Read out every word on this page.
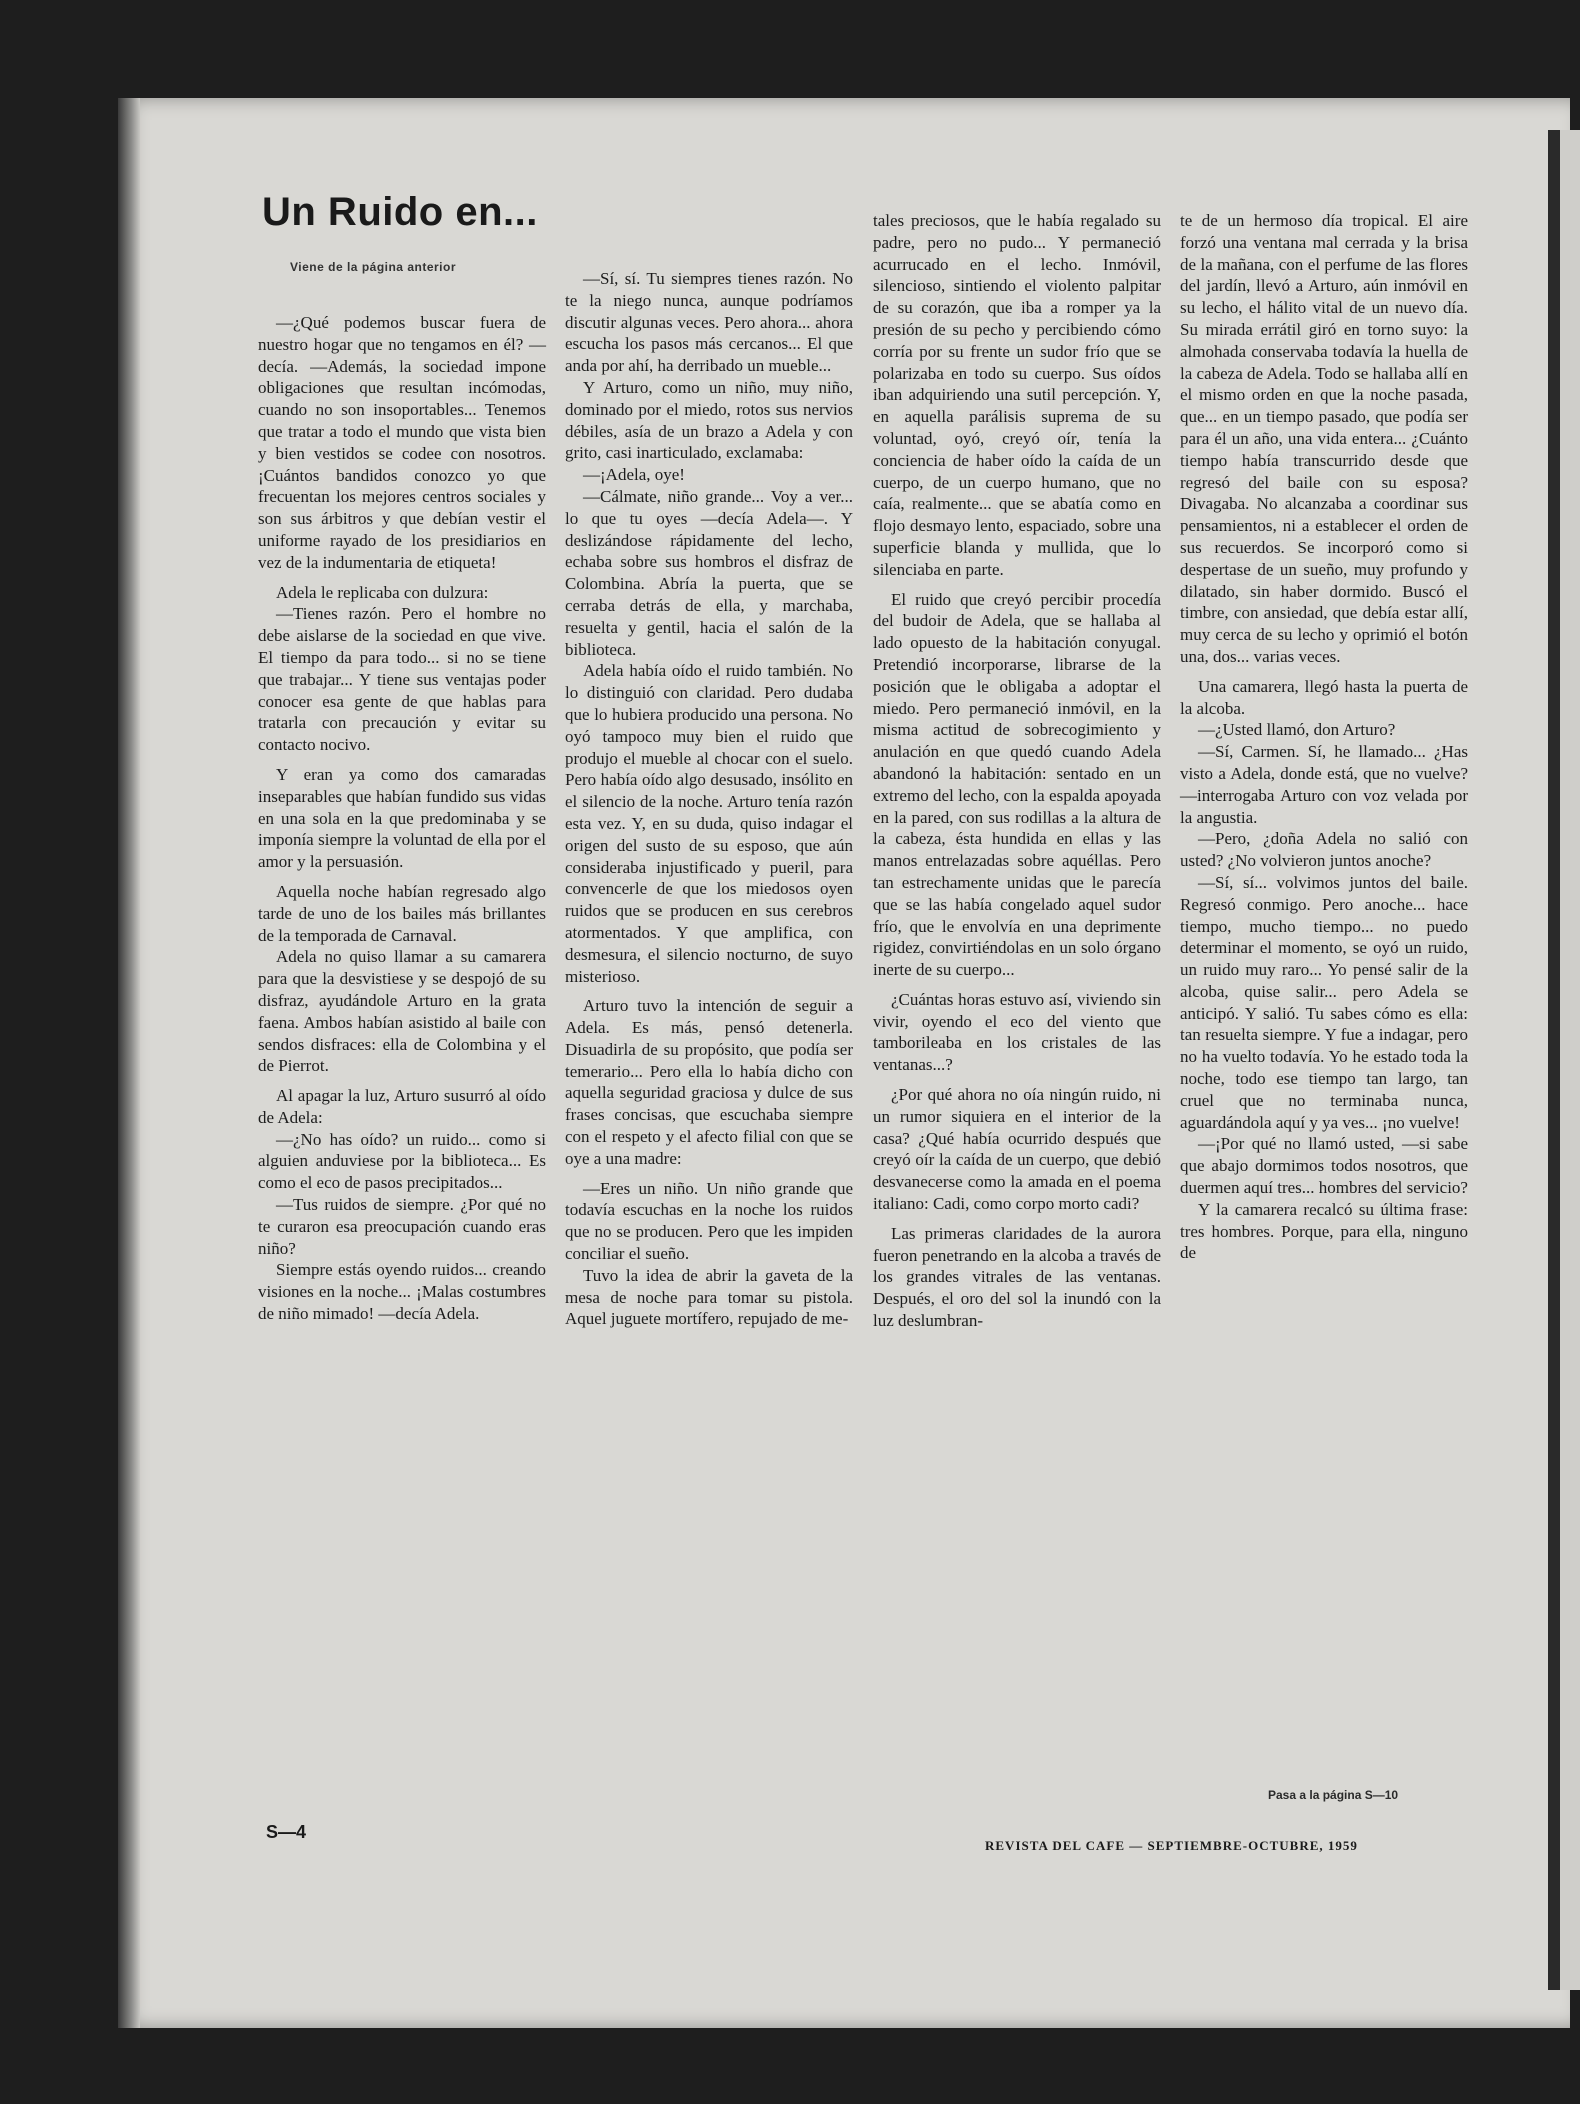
Un Ruido en...
Viene de la página anterior

—¿Qué podemos buscar fuera de nuestro hogar que no tengamos en él? —decía. —Además, la sociedad impone obligaciones que resultan incómodas, cuando no son insoportables... Tenemos que tratar a todo el mundo que vista bien y bien vestidos se codee con nosotros. ¡Cuántos bandidos conozco yo que frecuentan los mejores centros sociales y son sus árbitros y que debían vestir el uniforme rayado de los presidiarios en vez de la indumentaria de etiqueta!

Adela le replicaba con dulzura:

—Tienes razón. Pero el hombre no debe aislarse de la sociedad en que vive. El tiempo da para todo... si no se tiene que trabajar... Y tiene sus ventajas poder conocer esa gente de que hablas para tratarla con precaución y evitar su contacto nocivo.

Y eran ya como dos camaradas inseparables que habían fundido sus vidas en una sola en la que predominaba y se imponía siempre la voluntad de ella por el amor y la persuasión.

Aquella noche habían regresado algo tarde de uno de los bailes más brillantes de la temporada de Carnaval.

Adela no quiso llamar a su camarera para que la desvistiese y se despojó de su disfraz, ayudándole Arturo en la grata faena. Ambos habían asistido al baile con sendos disfraces: ella de Colombina y el de Pierrot.

Al apagar la luz, Arturo susurró al oído de Adela:

—¿No has oído? un ruido... como si alguien anduviese por la biblioteca... Es como el eco de pasos precipitados...

—Tus ruidos de siempre. ¿Por qué no te curaron esa preocupación cuando eras niño?

Siempre estás oyendo ruidos... creando visiones en la noche... ¡Malas costumbres de niño mimado! —decía Adela.

—Sí, sí. Tu siempres tienes razón. No te la niego nunca, aunque podríamos discutir algunas veces. Pero ahora... ahora escucha los pasos más cercanos... El que anda por ahí, ha derribado un mueble...

Y Arturo, como un niño, muy niño, dominado por el miedo, rotos sus nervios débiles, asía de un brazo a Adela y con grito, casi inarticulado, exclamaba:

—¡Adela, oye!

—Cálmate, niño grande... Voy a ver... lo que tu oyes —decía Adela—. Y deslizándose rápidamente del lecho, echaba sobre sus hombros el disfraz de Colombina. Abría la puerta, que se cerraba detrás de ella, y marchaba, resuelta y gentil, hacia el salón de la biblioteca.

Adela había oído el ruido también. No lo distinguió con claridad. Pero dudaba que lo hubiera producido una persona. No oyó tampoco muy bien el ruido que produjo el mueble al chocar con el suelo. Pero había oído algo desusado, insólito en el silencio de la noche. Arturo tenía razón esta vez. Y, en su duda, quiso indagar el origen del susto de su esposo, que aún consideraba injustificado y pueril, para convencerle de que los miedosos oyen ruidos que se producen en sus cerebros atormentados. Y que amplifica, con desmesura, el silencio nocturno, de suyo misterioso.

Arturo tuvo la intención de seguir a Adela. Es más, pensó detenerla. Disuadirla de su propósito, que podía ser temerario... Pero ella lo había dicho con aquella seguridad graciosa y dulce de sus frases concisas, que escuchaba siempre con el respeto y el afecto filial con que se oye a una madre:

—Eres un niño. Un niño grande que todavía escuchas en la noche los ruidos que no se producen. Pero que les impiden conciliar el sueño.

Tuvo la idea de abrir la gaveta de la mesa de noche para tomar su pistola. Aquel juguete mortífero, repujado de me-

tales preciosos, que le había regalado su padre, pero no pudo... Y permaneció acurrucado en el lecho. Inmóvil, silencioso, sintiendo el violento palpitar de su corazón, que iba a romper ya la presión de su pecho y percibiendo cómo corría por su frente un sudor frío que se polarizaba en todo su cuerpo. Sus oídos iban adquiriendo una sutil percepción. Y, en aquella parálisis suprema de su voluntad, oyó, creyó oír, tenía la conciencia de haber oído la caída de un cuerpo, de un cuerpo humano, que no caía, realmente... que se abatía como en flojo desmayo lento, espaciado, sobre una superficie blanda y mullida, que lo silenciaba en parte.

El ruido que creyó percibir procedía del budoir de Adela, que se hallaba al lado opuesto de la habitación conyugal. Pretendió incorporarse, librarse de la posición que le obligaba a adoptar el miedo. Pero permaneció inmóvil, en la misma actitud de sobrecogimiento y anulación en que quedó cuando Adela abandonó la habitación: sentado en un extremo del lecho, con la espalda apoyada en la pared, con sus rodillas a la altura de la cabeza, ésta hundida en ellas y las manos entrelazadas sobre aquéllas. Pero tan estrechamente unidas que le parecía que se las había congelado aquel sudor frío, que le envolvía en una deprimente rigidez, convirtiéndolas en un solo órgano inerte de su cuerpo...

¿Cuántas horas estuvo así, viviendo sin vivir, oyendo el eco del viento que tamborileaba en los cristales de las ventanas...?

¿Por qué ahora no oía ningún ruido, ni un rumor siquiera en el interior de la casa? ¿Qué había ocurrido después que creyó oír la caída de un cuerpo, que debió desvanecerse como la amada en el poema italiano: Cadi, como corpo morto cadi?

Las primeras claridades de la aurora fueron penetrando en la alcoba a través de los grandes vitrales de las ventanas. Después, el oro del sol la inundó con la luz deslumbran-

te de un hermoso día tropical. El aire forzó una ventana mal cerrada y la brisa de la mañana, con el perfume de las flores del jardín, llevó a Arturo, aún inmóvil en su lecho, el hálito vital de un nuevo día. Su mirada errátil giró en torno suyo: la almohada conservaba todavía la huella de la cabeza de Adela. Todo se hallaba allí en el mismo orden en que la noche pasada, que... en un tiempo pasado, que podía ser para él un año, una vida entera... ¿Cuánto tiempo había transcurrido desde que regresó del baile con su esposa? Divagaba. No alcanzaba a coordinar sus pensamientos, ni a establecer el orden de sus recuerdos. Se incorporó como si despertase de un sueño, muy profundo y dilatado, sin haber dormido. Buscó el timbre, con ansiedad, que debía estar allí, muy cerca de su lecho y oprimió el botón una, dos... varias veces.

Una camarera, llegó hasta la puerta de la alcoba.

—¿Usted llamó, don Arturo?

—Sí, Carmen. Sí, he llamado... ¿Has visto a Adela, donde está, que no vuelve? —interrogaba Arturo con voz velada por la angustia.

—Pero, ¿doña Adela no salió con usted? ¿No volvieron juntos anoche?

—Sí, sí... volvimos juntos del baile. Regresó conmigo. Pero anoche... hace tiempo, mucho tiempo... no puedo determinar el momento, se oyó un ruido, un ruido muy raro... Yo pensé salir de la alcoba, quise salir... pero Adela se anticipó. Y salió. Tu sabes cómo es ella: tan resuelta siempre. Y fue a indagar, pero no ha vuelto todavía. Yo he estado toda la noche, todo ese tiempo tan largo, tan cruel que no terminaba nunca, aguardándola aquí y ya ves... ¡no vuelve!

—¡Por qué no llamó usted, —si sabe que abajo dormimos todos nosotros, que duermen aquí tres... hombres del servicio?

Y la camarera recalcó su última frase: tres hombres. Porque, para ella, ninguno de

Pasa a la página S—10
S—4
REVISTA DEL CAFE — SEPTIEMBRE-OCTUBRE, 1959
